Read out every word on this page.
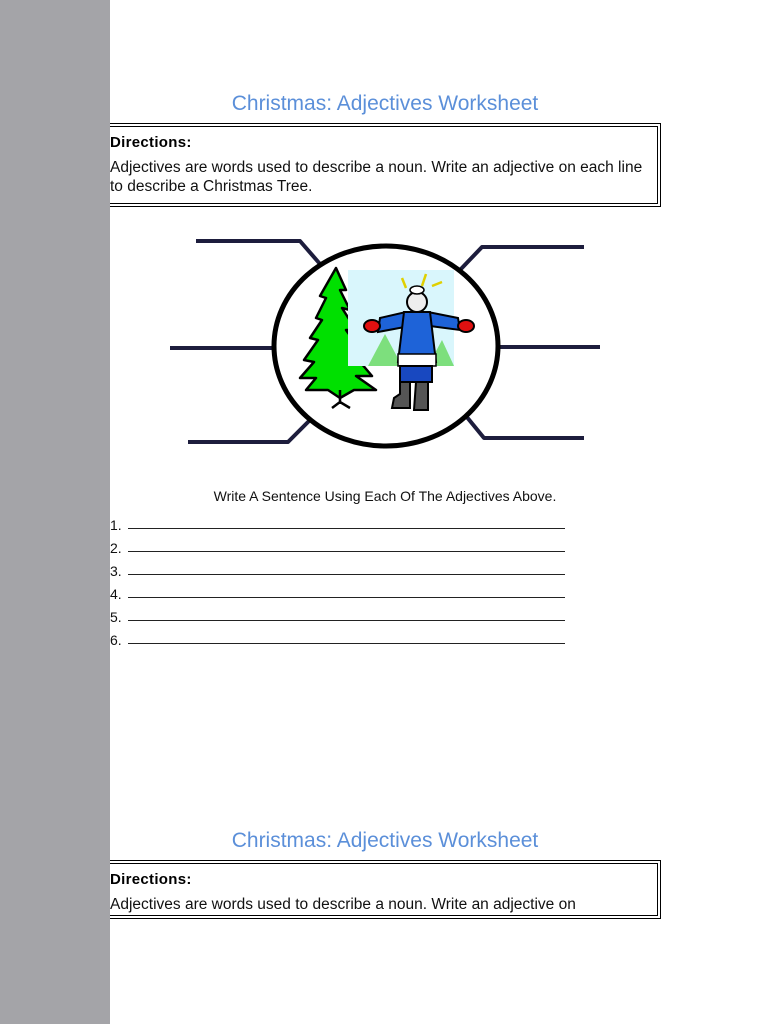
Christmas: Adjectives Worksheet
Directions:
Adjectives are words used to describe a noun. Write an adjective on each line to describe a Christmas Tree.
Write A Sentence Using Each Of The Adjectives Above.
1.
2.
3.
4.
5.
6.
Christmas: Adjectives Worksheet
Directions:
Adjectives are words used to describe a noun. Write an adjective on
